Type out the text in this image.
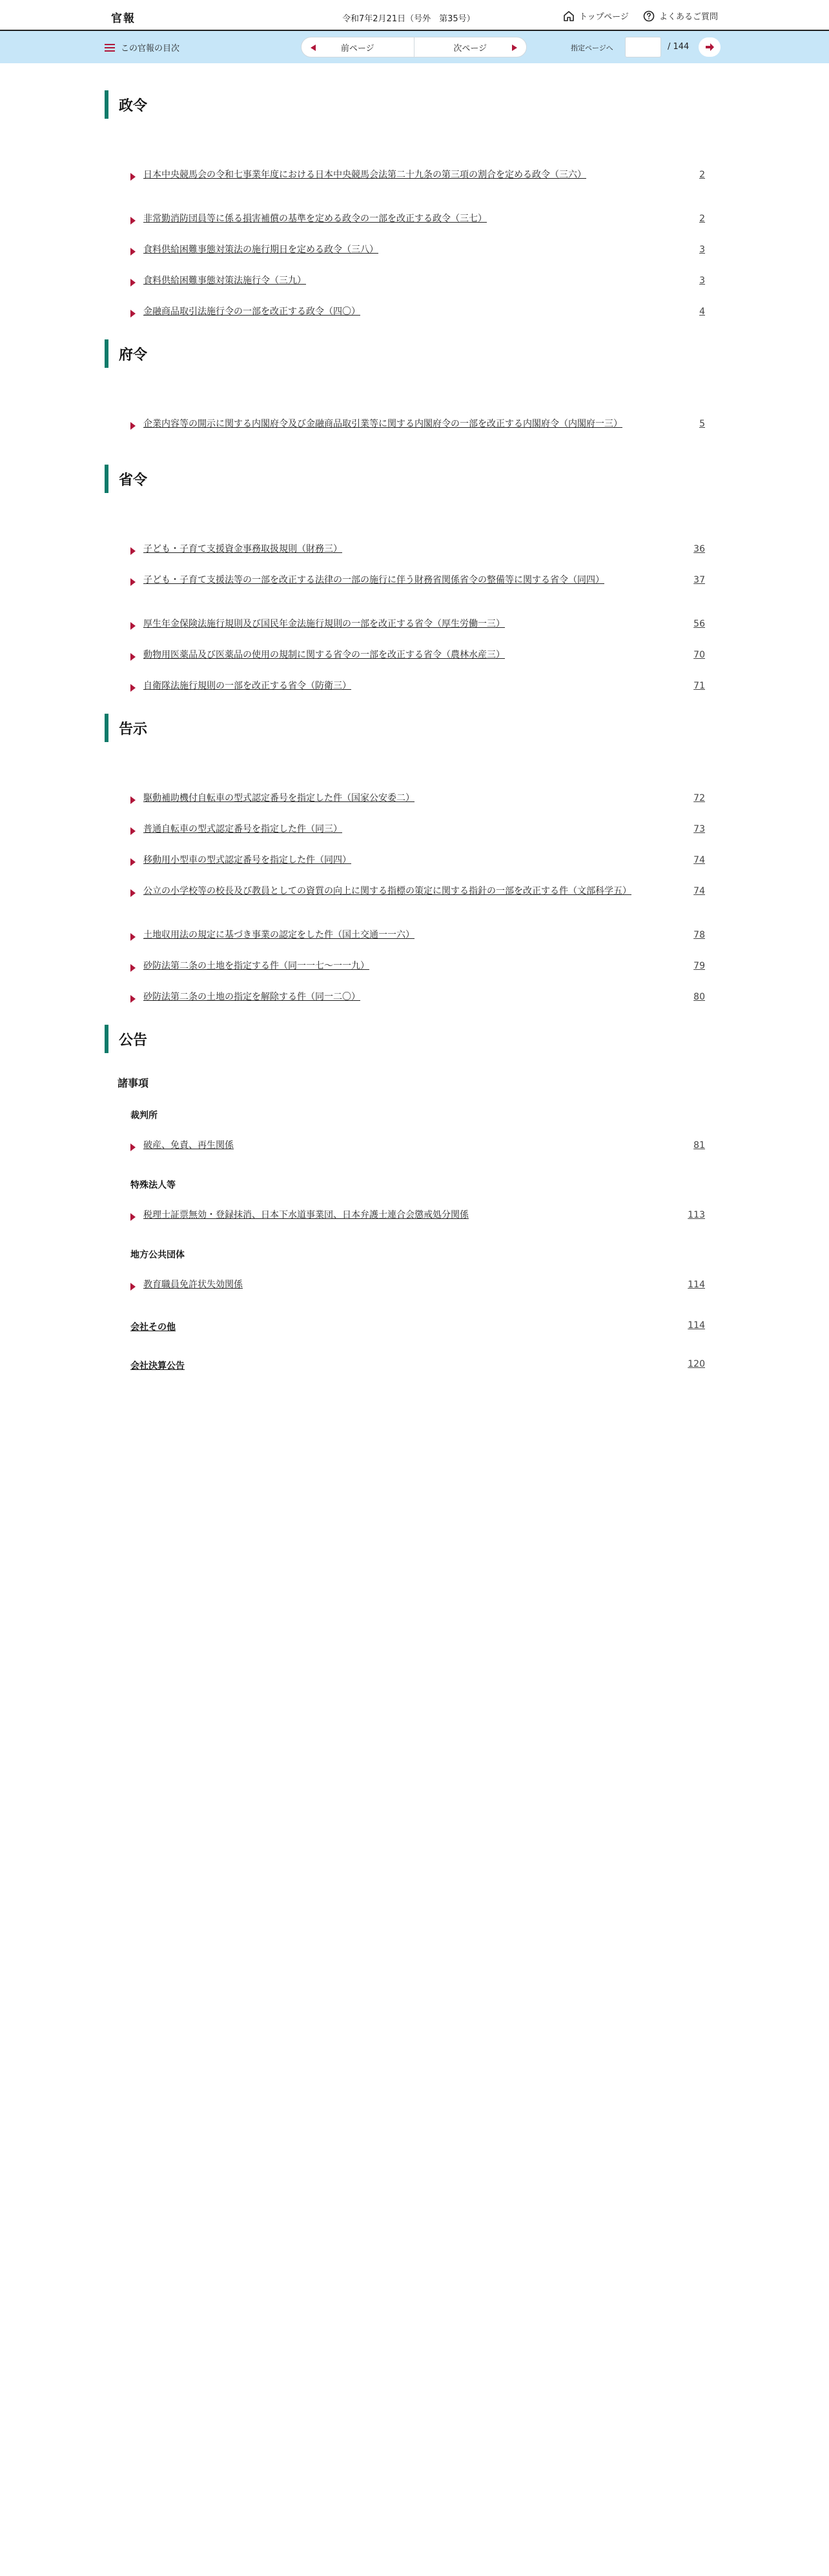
官報	令和7年2月21日（号外　第35号）	トップページ	よくあるご質問
この官報の目次	前ページ	次ページ	指定ページへ	/ 144
政令
日本中央競馬会の令和七事業年度における日本中央競馬会法第二十九条の第三項の割合を定める政令（三六）	2
非常勤消防団員等に係る損害補償の基準を定める政令の一部を改正する政令（三七）	2
食料供給困難事態対策法の施行期日を定める政令（三八）	3
食料供給困難事態対策法施行令（三九）	3
金融商品取引法施行令の一部を改正する政令（四〇）	4
府令
企業内容等の開示に関する内閣府令及び金融商品取引業等に関する内閣府令の一部を改正する内閣府令（内閣府一三）	5
省令
子ども・子育て支援資金事務取扱規則（財務三）	36
子ども・子育て支援法等の一部を改正する法律の一部の施行に伴う財務省関係省令の整備等に関する省令（同四）	37
厚生年金保険法施行規則及び国民年金法施行規則の一部を改正する省令（厚生労働一三）	56
動物用医薬品及び医薬品の使用の規制に関する省令の一部を改正する省令（農林水産三）	70
自衛隊法施行規則の一部を改正する省令（防衛三）	71
告示
駆動補助機付自転車の型式認定番号を指定した件（国家公安委二）	72
普通自転車の型式認定番号を指定した件（同三）	73
移動用小型車の型式認定番号を指定した件（同四）	74
公立の小学校等の校長及び教員としての資質の向上に関する指標の策定に関する指針の一部を改正する件（文部科学五）	74
土地収用法の規定に基づき事業の認定をした件（国土交通一一六）	78
砂防法第二条の土地を指定する件（同一一七～一一九）	79
砂防法第二条の土地の指定を解除する件（同一二〇）	80
公告
諸事項
裁判所
破産、免責、再生関係	81
特殊法人等
税理士証票無効・登録抹消、日本下水道事業団、日本弁護士連合会懲戒処分関係	113
地方公共団体
教育職員免許状失効関係	114
会社その他	114
会社決算公告	120
